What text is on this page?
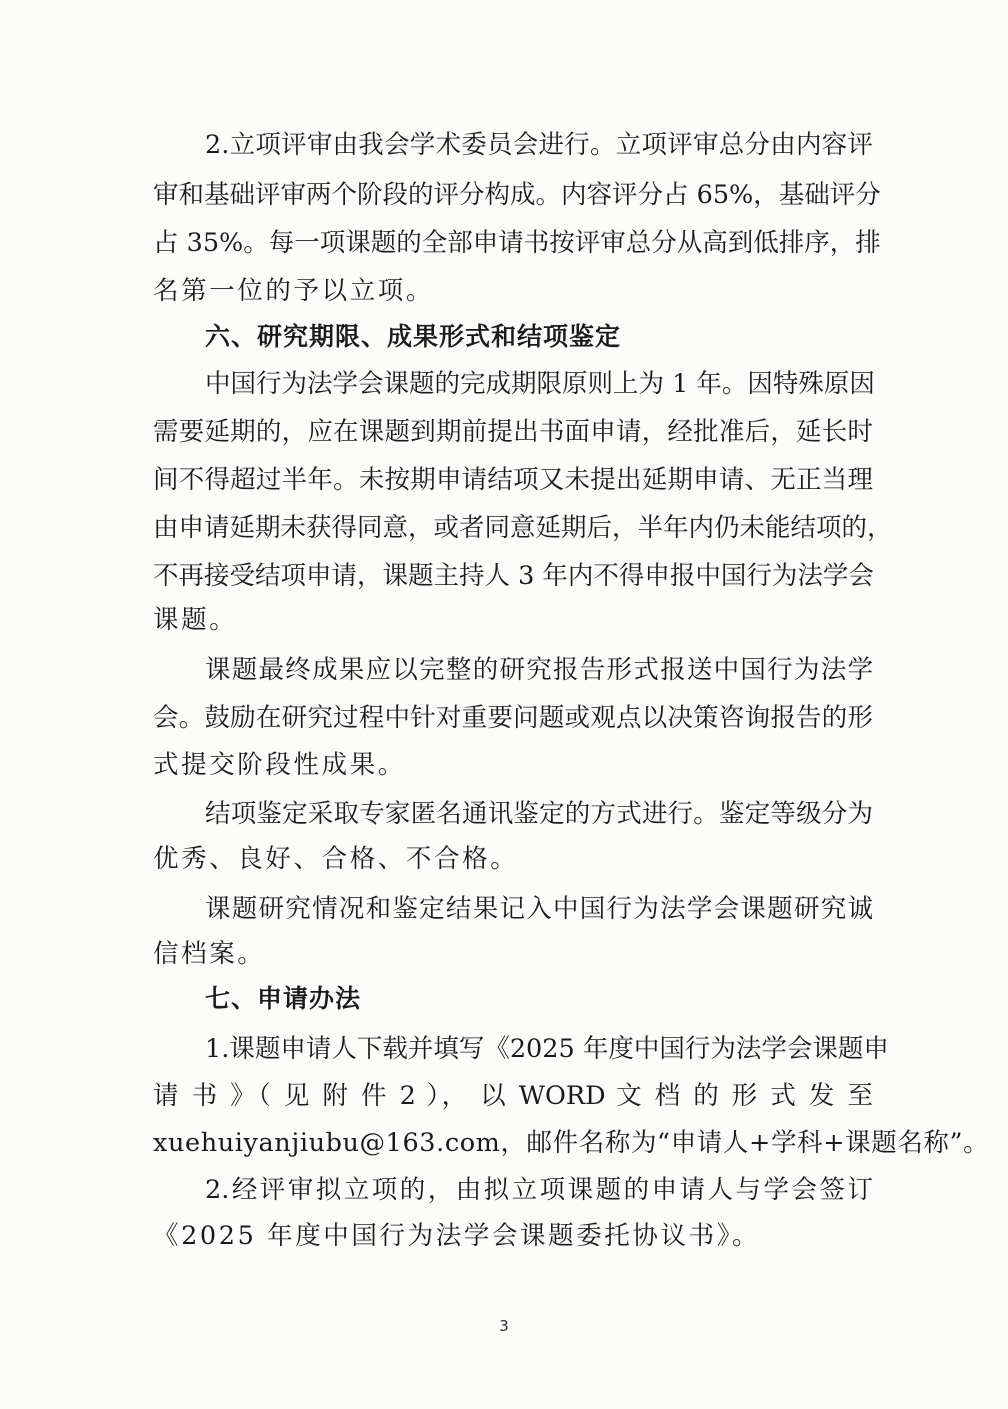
2.立项评审由我会学术委员会进行。立项评审总分由内容评
审和基础评审两个阶段的评分构成。内容评分占 65%，基础评分
占 35%。每一项课题的全部申请书按评审总分从高到低排序，排
名第一位的予以立项。
六、研究期限、成果形式和结项鉴定
中国行为法学会课题的完成期限原则上为 1 年。因特殊原因
需要延期的，应在课题到期前提出书面申请，经批准后，延长时
间不得超过半年。未按期申请结项又未提出延期申请、无正当理
由申请延期未获得同意，或者同意延期后，半年内仍未能结项的，
不再接受结项申请，课题主持人 3 年内不得申报中国行为法学会
课题。
课题最终成果应以完整的研究报告形式报送中国行为法学
会。鼓励在研究过程中针对重要问题或观点以决策咨询报告的形
式提交阶段性成果。
结项鉴定采取专家匿名通讯鉴定的方式进行。鉴定等级分为
优秀、良好、合格、不合格。
课题研究情况和鉴定结果记入中国行为法学会课题研究诚
信档案。
七、申请办法
1.课题申请人下载并填写《2025 年度中国行为法学会课题申
请 书 》（ 见 附 件 2 ）， 以 WORD 文 档 的 形 式 发 至
xuehuiyanjiubu@163.com，邮件名称为“申请人+学科+课题名称”。
2.经评审拟立项的，由拟立项课题的申请人与学会签订
《2025 年度中国行为法学会课题委托协议书》。
3
